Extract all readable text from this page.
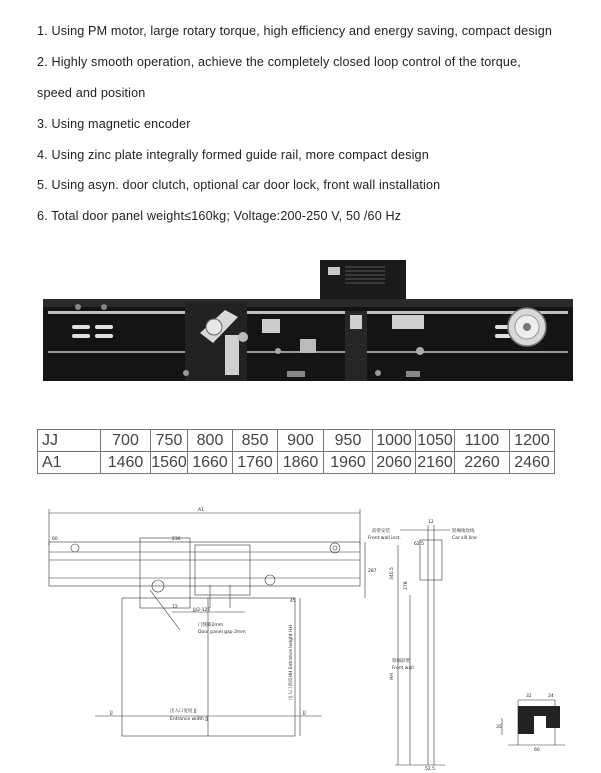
1. Using PM motor, large rotary torque, high efficiency and energy saving, compact design
2. Highly smooth operation, achieve the completely closed loop control of the torque,
speed and position
3. Using magnetic encoder
4. Using zinc plate integrally formed guide rail, more compact design
5. Using asyn. door clutch, optional car door lock, front wall installation
6. Total door panel weight≤160kg; Voltage:200-250 V, 50 /60 Hz
JJ	700	750	800	850	900	950	1000	1050	1100	1200
A1	1460	1560	1660	1760	1860	1960	2060	2160	2260	2460
A1
60	236
287
45
72
JJ/2-125
门缝隙2mm
Door panel gap 2mm	出入口高度HH Entrance height HH
出入口宽度 JJ
Entrance width JJ
JJ	JJ
前壁安装
Front wall inst.
轿厢地坎线
Car sill line
轿厢前壁
Front wall
62.5
12
340.5
278
HH
52.5
32	24
35
60
